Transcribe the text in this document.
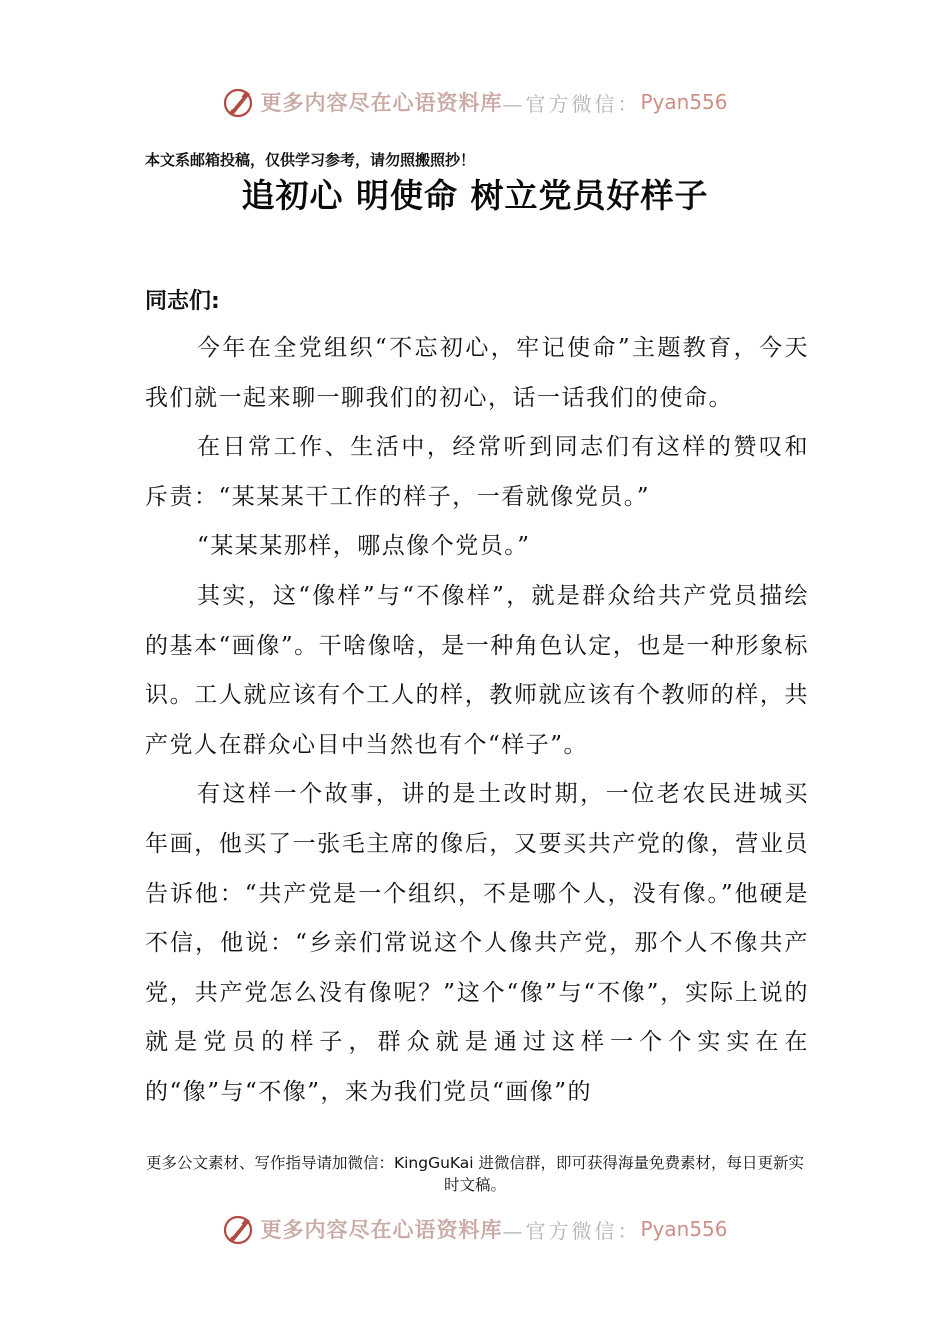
更多内容尽在心语资料库 —官方微信： Pyan556
本文系邮箱投稿，仅供学习参考，请勿照搬照抄！
追初心 明使命 树立党员好样子
同志们:

今年在全党组织“不忘初心，牢记使命”主题教育，今天我们就一起来聊一聊我们的初心，话一话我们的使命。

在日常工作、生活中，经常听到同志们有这样的赞叹和斥责：“某某某干工作的样子，一看就像党员。”

“某某某那样，哪点像个党员。”

其实，这“像样”与“不像样”，就是群众给共产党员描绘的基本“画像”。干啥像啥，是一种角色认定，也是一种形象标识。工人就应该有个工人的样，教师就应该有个教师的样，共产党人在群众心目中当然也有个“样子”。

有这样一个故事，讲的是土改时期，一位老农民进城买年画，他买了一张毛主席的像后，又要买共产党的像，营业员告诉他：“共产党是一个组织，不是哪个人，没有像。”他硬是不信，他说：“乡亲们常说这个人像共产党，那个人不像共产党，共产党怎么没有像呢？”这个“像”与“不像”，实际上说的就是党员的样子，群众就是通过这样一个个实实在在的“像”与“不像”，来为我们党员“画像”的

更多公文素材、写作指导请加微信：KingGuKai 进微信群，即可获得海量免费素材，每日更新实时文稿。
更多内容尽在心语资料库 —官方微信： Pyan556
